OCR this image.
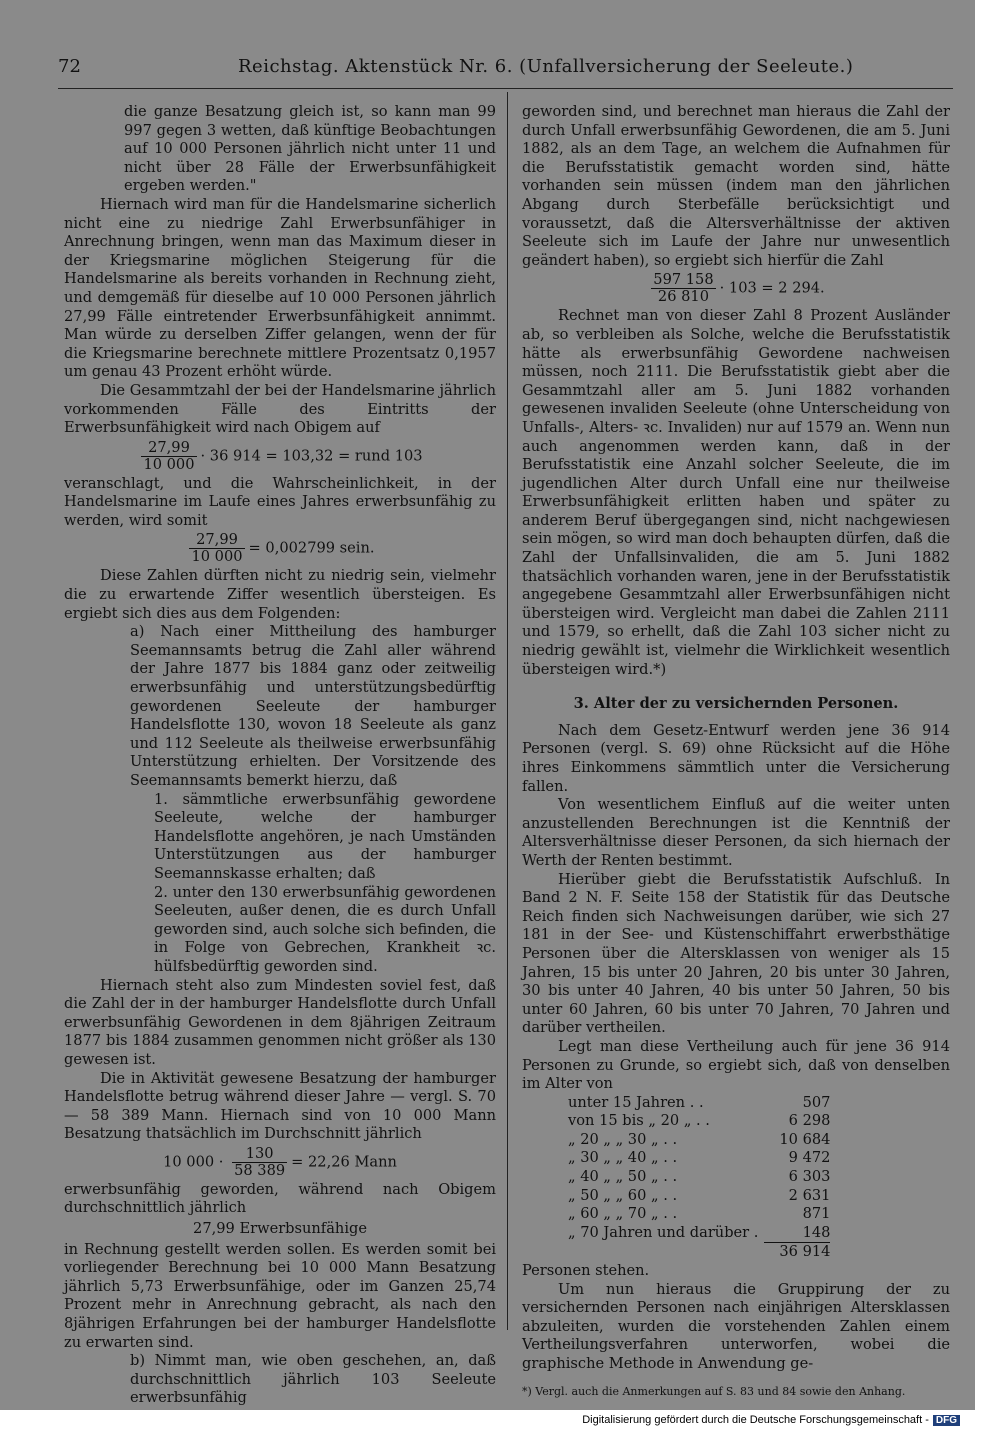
72	Reichstag. Aktenstück Nr. 6. (Unfallversicherung der Seeleute.)

die ganze Besatzung gleich ist, so kann man 99 997 gegen 3 wetten, daß künftige Beobachtungen auf 10 000 Personen jährlich nicht unter 11 und nicht über 28 Fälle der Erwerbsunfähigkeit ergeben werden."

Hiernach wird man für die Handelsmarine sicherlich nicht eine zu niedrige Zahl Erwerbsunfähiger in Anrechnung bringen, wenn man das Maximum dieser in der Kriegsmarine möglichen Steigerung für die Handelsmarine als bereits vorhanden in Rechnung zieht, und demgemäß für dieselbe auf 10 000 Personen jährlich 27,99 Fälle eintretender Erwerbsunfähigkeit annimmt. Man würde zu derselben Ziffer gelangen, wenn der für die Kriegsmarine berechnete mittlere Prozentsatz 0,1957 um genau 43 Prozent erhöht würde.

Die Gesammtzahl der bei der Handelsmarine jährlich vorkommenden Fälle des Eintritts der Erwerbsunfähigkeit wird nach Obigem auf

$\frac{27,99}{10 000} \cdot 36$ 914 = 103,32 = rund 103

veranschlagt, und die Wahrscheinlichkeit, in der Handelsmarine im Laufe eines Jahres erwerbsunfähig zu werden, wird somit

$\frac{27,99}{10 000} = 0,002799$ sein.

Diese Zahlen dürften nicht zu niedrig sein, vielmehr die zu erwartende Ziffer wesentlich übersteigen. Es ergiebt sich dies aus dem Folgenden:

a) Nach einer Mittheilung des hamburger Seemannsamts betrug die Zahl aller während der Jahre 1877 bis 1884 ganz oder zeitweilig erwerbsunfähig und unterstützungsbedürftig gewordenen Seeleute der hamburger Handelsflotte 130, wovon 18 Seeleute als ganz und 112 Seeleute als theilweise erwerbsunfähig Unterstützung erhielten. Der Vorsitzende des Seemannsamts bemerkt hierzu, daß

1. sämmtliche erwerbsunfähig gewordene Seeleute, welche der hamburger Handelsflotte angehören, je nach Umständen Unterstützungen aus der hamburger Seemannskasse erhalten; daß

2. unter den 130 erwerbsunfähig gewordenen Seeleuten, außer denen, die es durch Unfall geworden sind, auch solche sich befinden, die in Folge von Gebrechen, Krankheit ꝛc. hülfsbedürftig geworden sind.

Hiernach steht also zum Mindesten soviel fest, daß die Zahl der in der hamburger Handelsflotte durch Unfall erwerbsunfähig Gewordenen in dem 8jährigen Zeitraum 1877 bis 1884 zusammen genommen nicht größer als 130 gewesen ist.

Die in Aktivität gewesene Besatzung der hamburger Handelsflotte betrug während dieser Jahre — vergl. S. 70 — 58 389 Mann. Hiernach sind von 10 000 Mann Besatzung thatsächlich im Durchschnitt jährlich

10 $000 \cdot \frac{130}{58 389} = 22,26$ Mann

erwerbsunfähig geworden, während nach Obigem durchschnittlich jährlich

27,99 Erwerbsunfähige

in Rechnung gestellt werden sollen. Es werden somit bei vorliegender Berechnung bei 10 000 Mann Besatzung jährlich 5,73 Erwerbsunfähige, oder im Ganzen 25,74 Prozent mehr in Anrechnung gebracht, als nach den 8jährigen Erfahrungen bei der hamburger Handelsflotte zu erwarten sind.

b) Nimmt man, wie oben geschehen, an, daß durchschnittlich jährlich 103 Seeleute erwerbsunfähig

geworden sind, und berechnet man hieraus die Zahl der durch Unfall erwerbsunfähig Gewordenen, die am 5. Juni 1882, als an dem Tage, an welchem die Aufnahmen für die Berufsstatistik gemacht worden sind, hätte vorhanden sein müssen (indem man den jährlichen Abgang durch Sterbefälle berücksichtigt und voraussetzt, daß die Altersverhältnisse der aktiven Seeleute sich im Laufe der Jahre nur unwesentlich geändert haben), so ergiebt sich hierfür die Zahl

$\frac{597 158}{26 810} \cdot 103 = 2$ 294.

Rechnet man von dieser Zahl 8 Prozent Ausländer ab, so verbleiben als Solche, welche die Berufsstatistik hätte als erwerbsunfähig Gewordene nachweisen müssen, noch 2111. Die Berufsstatistik giebt aber die Gesammtzahl aller am 5. Juni 1882 vorhanden gewesenen invaliden Seeleute (ohne Unterscheidung von Unfalls-, Alters- ꝛc. Invaliden) nur auf 1579 an. Wenn nun auch angenommen werden kann, daß in der Berufsstatistik eine Anzahl solcher Seeleute, die im jugendlichen Alter durch Unfall eine nur theilweise Erwerbsunfähigkeit erlitten haben und später zu anderem Beruf übergegangen sind, nicht nachgewiesen sein mögen, so wird man doch behaupten dürfen, daß die Zahl der Unfallsinvaliden, die am 5. Juni 1882 thatsächlich vorhanden waren, jene in der Berufsstatistik angegebene Gesammtzahl aller Erwerbsunfähigen nicht übersteigen wird. Vergleicht man dabei die Zahlen 2111 und 1579, so erhellt, daß die Zahl 103 sicher nicht zu niedrig gewählt ist, vielmehr die Wirklichkeit wesentlich übersteigen wird.*)

3. Alter der zu versichernden Personen.

Nach dem Gesetz-Entwurf werden jene 36 914 Personen (vergl. S. 69) ohne Rücksicht auf die Höhe ihres Einkommens sämmtlich unter die Versicherung fallen.

Von wesentlichem Einfluß auf die weiter unten anzustellenden Berechnungen ist die Kenntniß der Altersverhältnisse dieser Personen, da sich hiernach der Werth der Renten bestimmt.

Hierüber giebt die Berufsstatistik Aufschluß. In Band 2 N. F. Seite 158 der Statistik für das Deutsche Reich finden sich Nachweisungen darüber, wie sich 27 181 in der See- und Küstenschiffahrt erwerbsthätige Personen über die Altersklassen von weniger als 15 Jahren, 15 bis unter 20 Jahren, 20 bis unter 30 Jahren, 30 bis unter 40 Jahren, 40 bis unter 50 Jahren, 50 bis unter 60 Jahren, 60 bis unter 70 Jahren, 70 Jahren und darüber vertheilen.

Legt man diese Vertheilung auch für jene 36 914 Personen zu Grunde, so ergiebt sich, daß von denselben im Alter von

unter 15 Jahren . .	507
von 15 bis „ 20 „ . .	6 298
„ 20 „ „ 30 „ . .	10 684
„ 30 „ „ 40 „ . .	9 472
„ 40 „ „ 50 „ . .	6 303
„ 50 „ „ 60 „ . .	2 631
„ 60 „ „ 70 „ . .	871
„ 70 Jahren und darüber .	148
	36 914

Personen stehen.

Um nun hieraus die Gruppirung der zu versichernden Personen nach einjährigen Altersklassen abzuleiten, wurden die vorstehenden Zahlen einem Vertheilungsverfahren unterworfen, wobei die graphische Methode in Anwendung ge-

*) Vergl. auch die Anmerkungen auf S. 83 und 84 sowie den Anhang.
Digitalisierung gefördert durch die Deutsche Forschungsgemeinschaft - DFG
